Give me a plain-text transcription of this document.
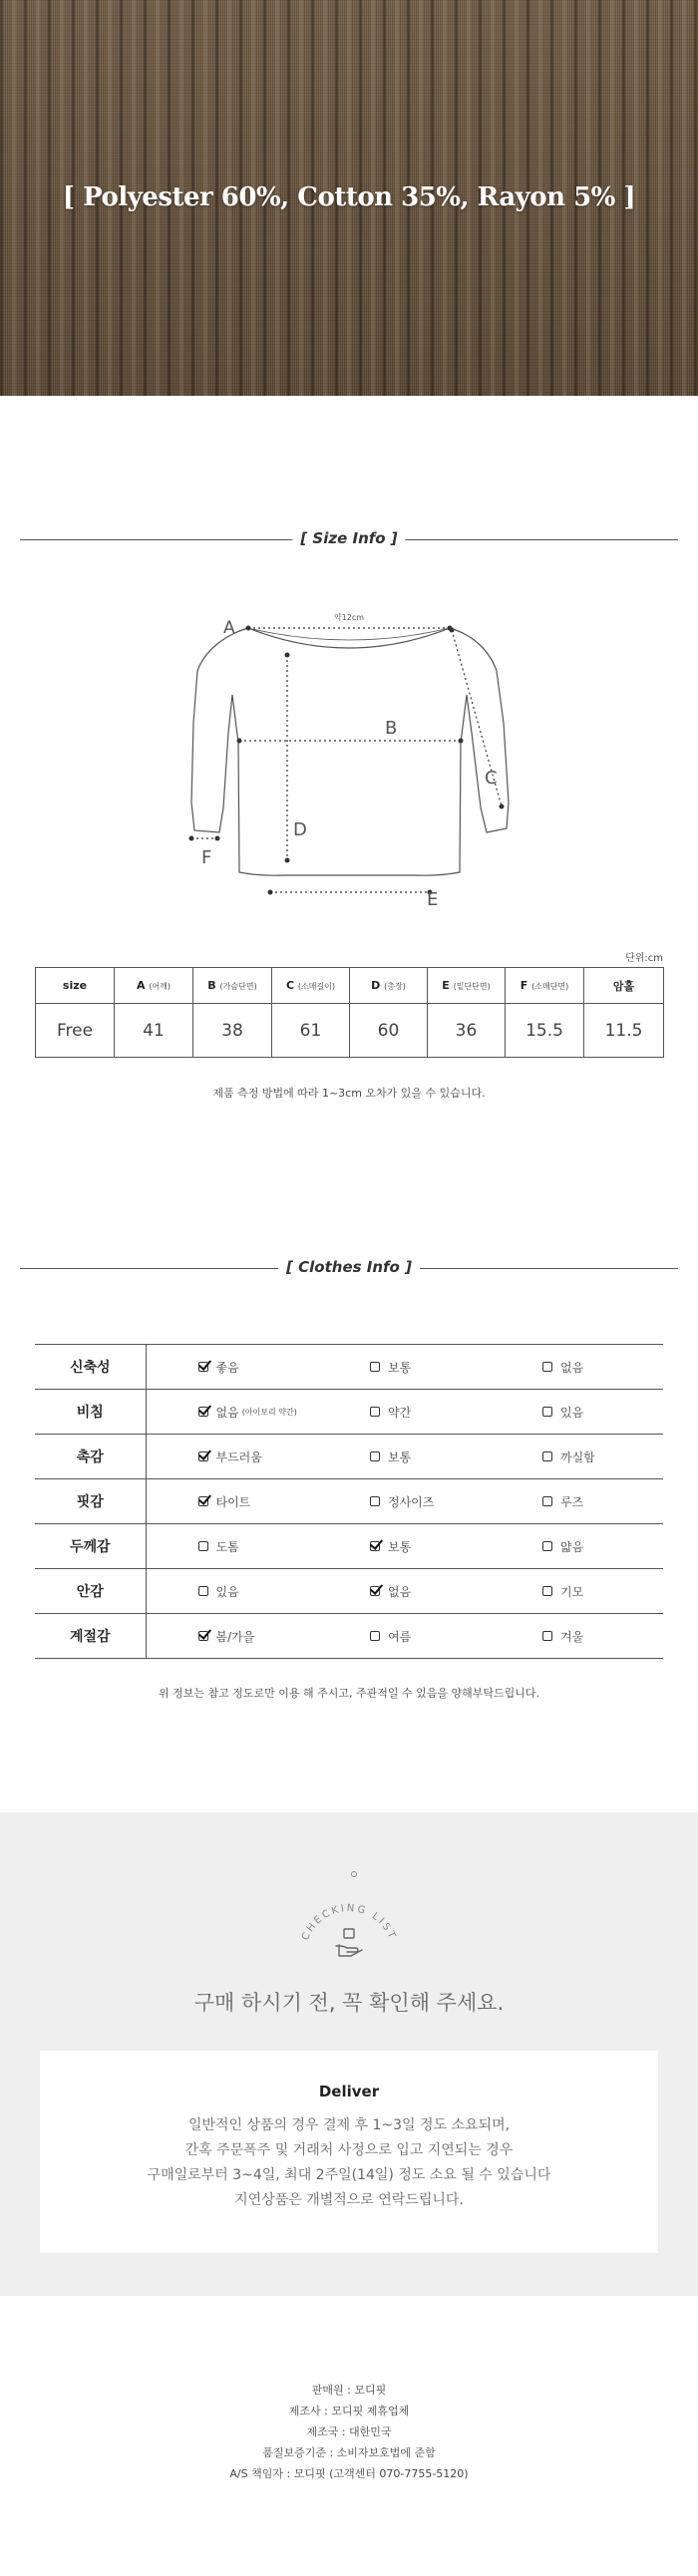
[ Polyester 60%, Cotton 35%, Rayon 5% ]
[ Size Info ]
약12cm
A
B
C
D
E
F
단위:cm
size	A (어깨)	B (가슴단면)	C (소매길이)	D (총장)	E (밑단단면)	F (소매단면)	암홀
Free	41	38	61	60	36	15.5	11.5
제품 측정 방법에 따라 1~3cm 오차가 있을 수 있습니다.
[ Clothes Info ]
신축성	좋음	보통	없음

비침	없음 (아이보리 약간)	약간	있음

촉감	부드러움	보통	까실함

핏감	타이트	정사이즈	루즈

두께감	도톰	보통	얇음

안감	있음	없음	기모

계절감	봄/가을	여름	겨울
위 정보는 참고 정도로만 이용 해 주시고, 주관적일 수 있음을 양해부탁드립니다.
CHECKING LIST
구매 하시기 전, 꼭 확인해 주세요.
Deliver
일반적인 상품의 경우 결제 후 1~3일 정도 소요되며,
간혹 주문폭주 및 거래처 사정으로 입고 지연되는 경우
구매일로부터 3~4일, 최대 2주일(14일) 정도 소요 될 수 있습니다
지연상품은 개별적으로 연락드립니다.
판매원 : 모디핏
제조사 : 모디핏 제휴업체
제조국 : 대한민국
품질보증기준 : 소비자보호법에 준함
A/S 책임자 : 모디핏 (고객센터 070-7755-5120)
